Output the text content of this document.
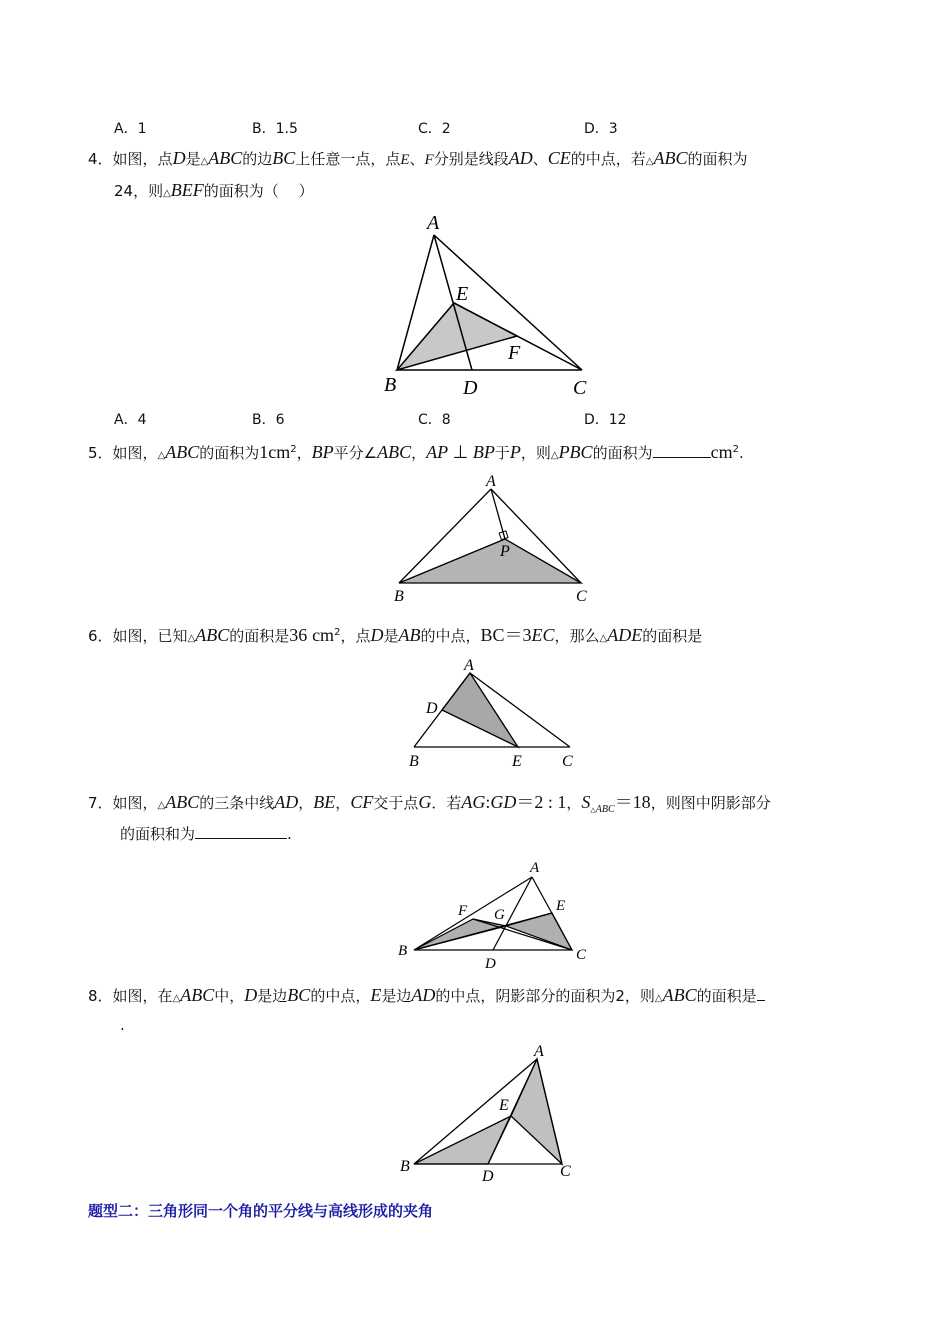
A．1	B．1.5	C．2	D．3
4．如图，点D是△ABC的边BC上任意一点，点E、F分别是线段AD、CE的中点，若△ABC的面积为
24，则△BEF的面积为（　 ）
A
E
F
B	D	C
A．4	B．6	C．8	D．12
5．如图，△ABC的面积为$1cm^2$，BP平分∠ABC，AP ⊥ BP于P，则△PBC的面积为	$cm^2$.
A
P
B	C
6．如图，已知△ABC的面积是36 $cm^2$，点D是AB的中点，BC＝3EC，那么△ADE的面积是
A
D
B	E	C
7．如图，△ABC的三条中线AD，BE，CF交于点G．若AG:GD＝2 : 1，$S_{\triangle ABC}=18$，则图中阴影部分
的面积和为	.
A
F G
E
B
D
C
8．如图，在△ABC中，D是边BC的中点，E是边AD的中点，阴影部分的面积为2，则△ABC的面积是
.
A
E
B
D	C
题型二：三角形同一个角的平分线与高线形成的夹角
